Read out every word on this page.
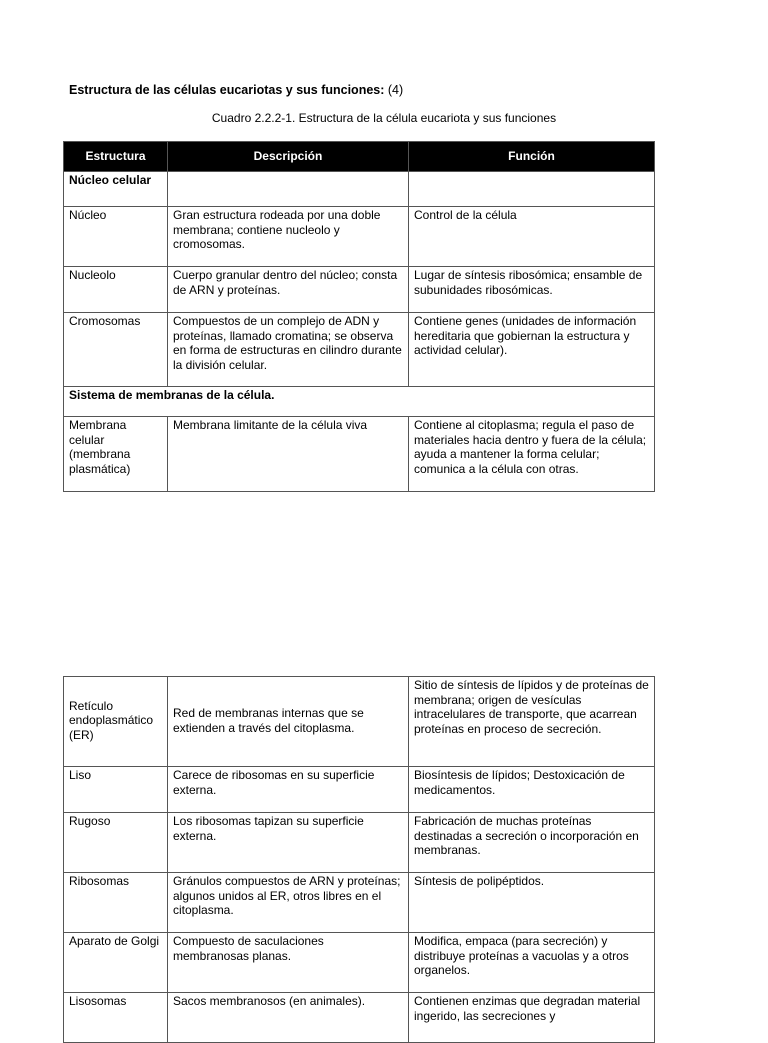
Estructura de las células eucariotas y sus funciones: (4)
Cuadro 2.2.2-1. Estructura de la célula eucariota y sus funciones
Estructura	Descripción	Función
Núcleo celular		
Núcleo	Gran estructura rodeada por una doble membrana; contiene nucleolo y cromosomas.	Control de la célula
Nucleolo	Cuerpo granular dentro del núcleo; consta de ARN y proteínas.	Lugar de síntesis ribosómica; ensamble de subunidades ribosómicas.
Cromosomas	Compuestos de un complejo de ADN y proteínas, llamado cromatina; se observa en forma de estructuras en cilindro durante la división celular.	Contiene genes (unidades de información hereditaria que gobiernan la estructura y actividad celular).
Sistema de membranas de la célula.		
Membrana celular (membrana plasmática)	Membrana limitante de la célula viva	Contiene al citoplasma; regula el paso de materiales hacia dentro y fuera de la célula; ayuda a mantener la forma celular; comunica a la célula con otras.
Retículo endoplasmático (ER)	Red de membranas internas que se extienden a través del citoplasma.	Sitio de síntesis de lípidos y de proteínas de membrana; origen de vesículas intracelulares de transporte, que acarrean proteínas en proceso de secreción.
Liso	Carece de ribosomas en su superficie externa.	Biosíntesis de lípidos; Destoxicación de medicamentos.
Rugoso	Los ribosomas tapizan su superficie externa.	Fabricación de muchas proteínas destinadas a secreción o incorporación en membranas.
Ribosomas	Gránulos compuestos de ARN y proteínas; algunos unidos al ER, otros libres en el citoplasma.	Síntesis de polipéptidos.
Aparato de Golgi	Compuesto de saculaciones membranosas planas.	Modifica, empaca (para secreción) y distribuye proteínas a vacuolas y a otros organelos.
Lisosomas	Sacos membranosos (en animales).	Contienen enzimas que degradan material ingerido, las secreciones y
